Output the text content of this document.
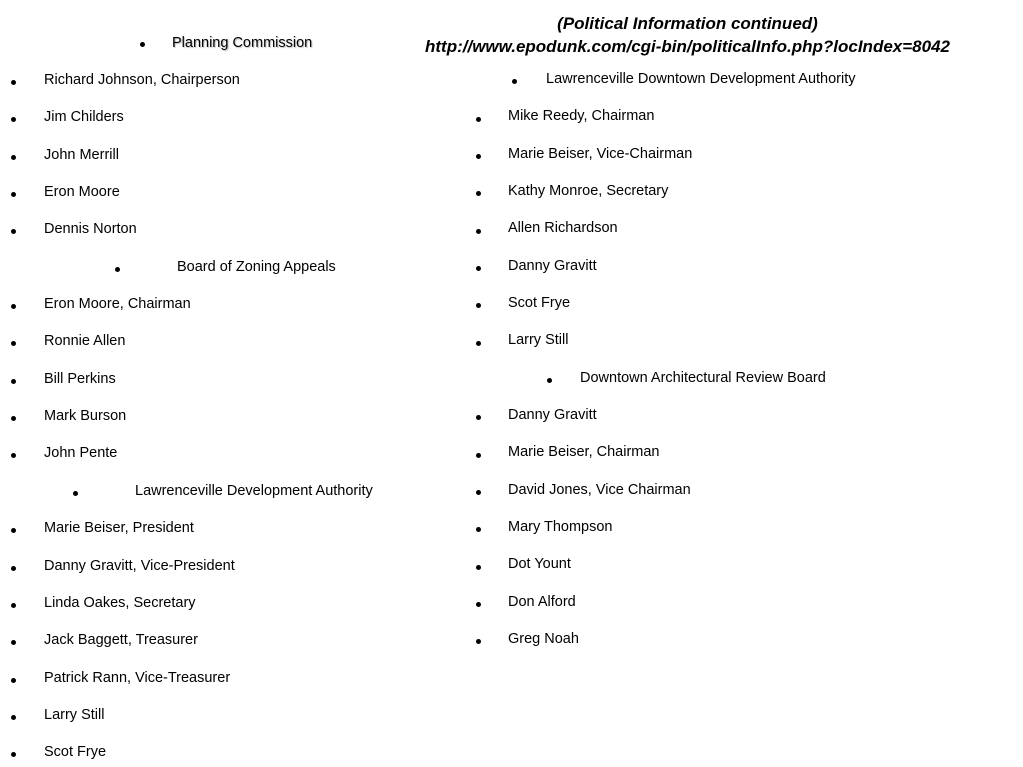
(Political Information continued)
http://www.epodunk.com/cgi-bin/politicalInfo.php?locIndex=8042
Planning Commission
Richard Johnson, Chairperson
Jim Childers
John Merrill
Eron Moore
Dennis Norton
Board of Zoning Appeals
Eron Moore, Chairman
Ronnie Allen
Bill Perkins
Mark Burson
John Pente
Lawrenceville Development Authority
Marie Beiser, President
Danny Gravitt, Vice-President
Linda Oakes, Secretary
Jack Baggett, Treasurer
Patrick Rann, Vice-Treasurer
Larry Still
Scot Frye
Lawrenceville Downtown Development Authority
Mike Reedy, Chairman
Marie Beiser, Vice-Chairman
Kathy Monroe, Secretary
Allen Richardson
Danny Gravitt
Scot Frye
Larry Still
Downtown Architectural Review Board
Danny Gravitt
Marie Beiser, Chairman
David Jones, Vice Chairman
Mary Thompson
Dot Yount
Don Alford
Greg Noah
